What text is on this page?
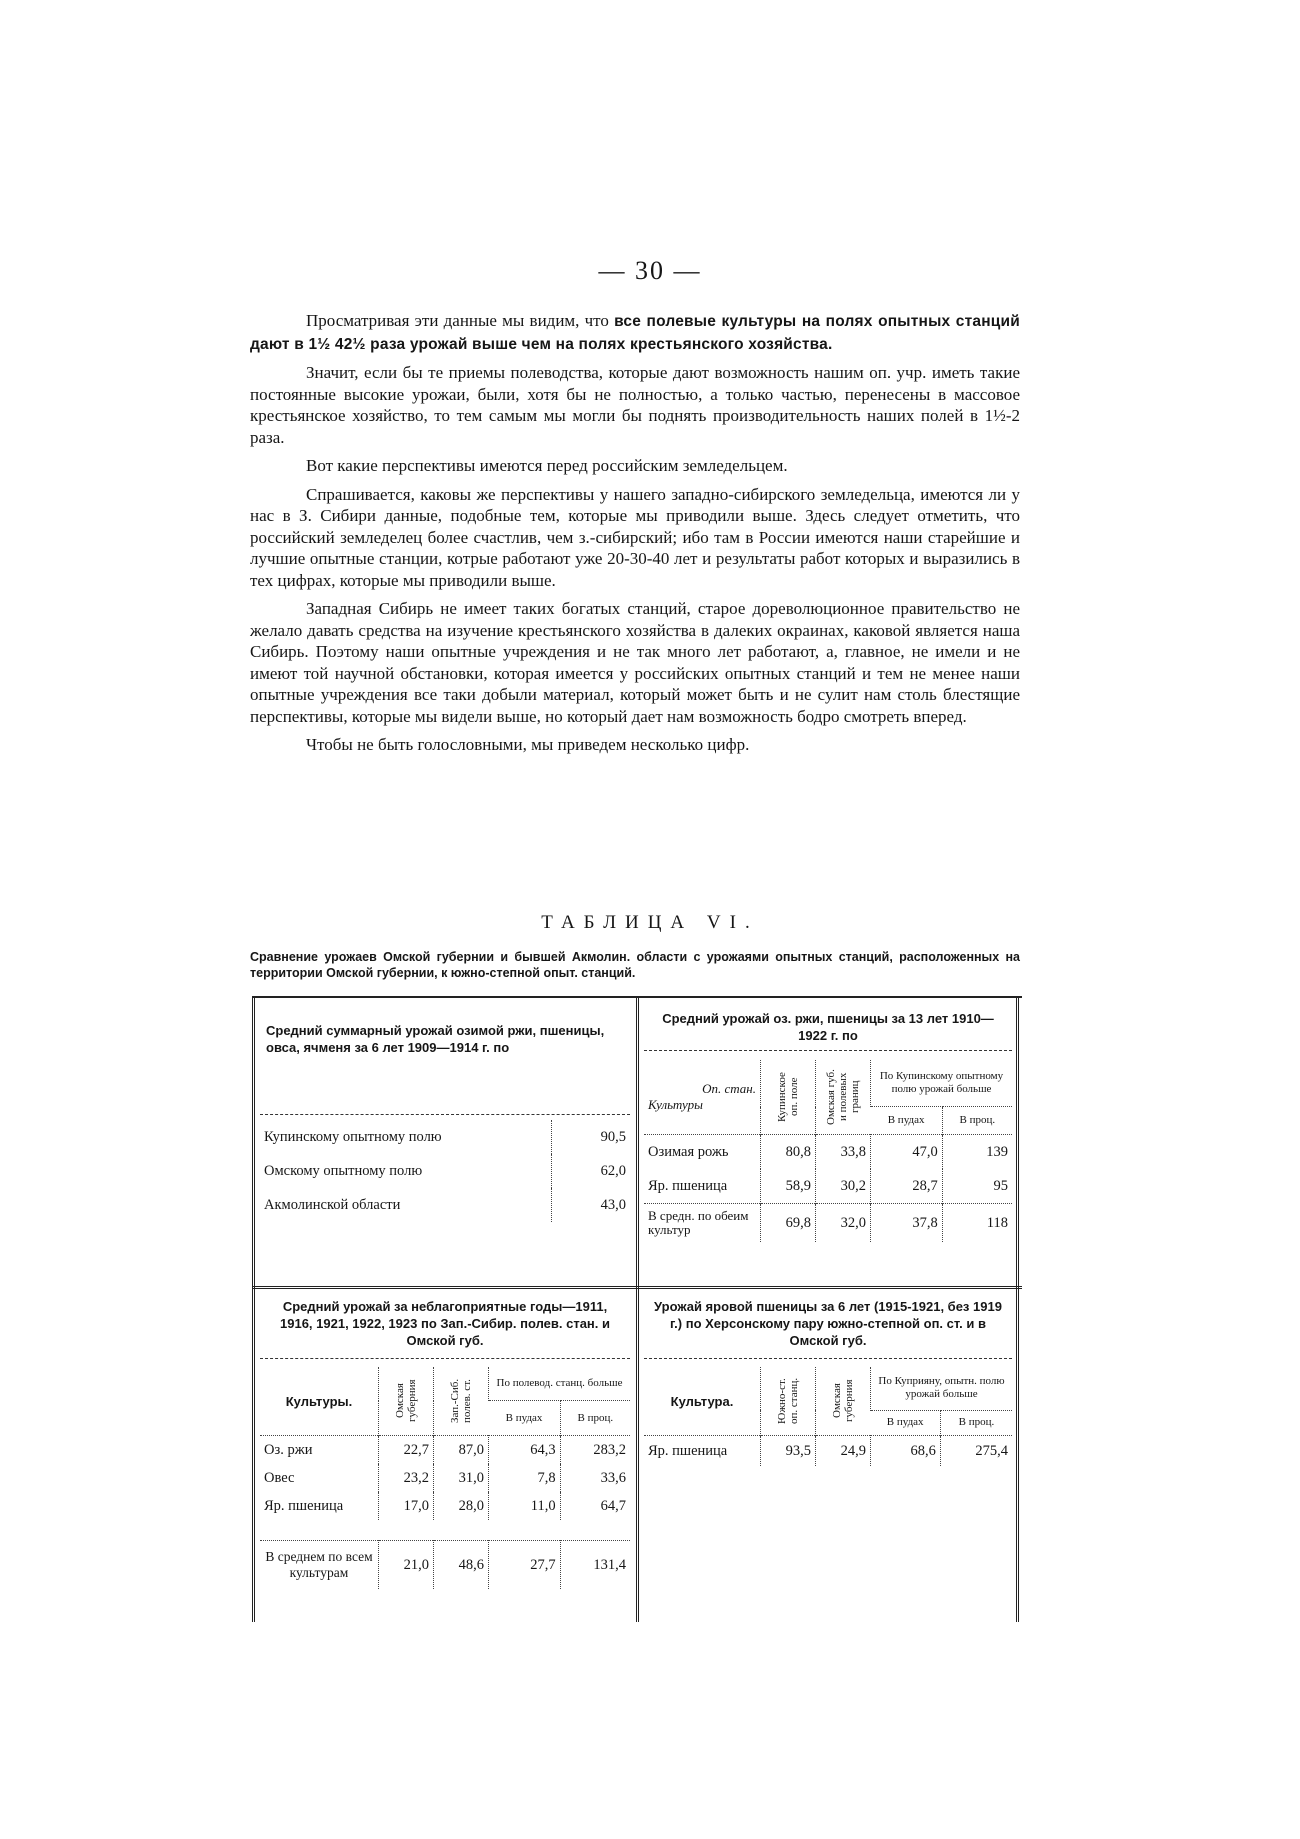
— 30 —

Просматривая эти данные мы видим, что все полевые культуры на полях опытных станций дают в 1½ 42½ раза урожай выше чем на полях крестьянского хозяйства.

Значит, если бы те приемы полеводства, которые дают возможность нашим оп. учр. иметь такие постоянные высокие урожаи, были, хотя бы не полностью, а только частью, перенесены в массовое крестьянское хозяйство, то тем самым мы могли бы поднять производительность наших полей в 1½-2 раза.

Вот какие перспективы имеются перед российским земледельцем.

Спрашивается, каковы же перспективы у нашего западно-сибирского земледельца, имеются ли у нас в З. Сибири данные, подобные тем, которые мы приводили выше. Здесь следует отметить, что российский земледелец более счастлив, чем з.-сибирский; ибо там в России имеются наши старейшие и лучшие опытные станции, котрые работают уже 20-30-40 лет и результаты работ которых и выразились в тех цифрах, которые мы приводили выше.

Западная Сибирь не имеет таких богатых станций, старое дореволюционное правительство не желало давать средства на изучение крестьянского хозяйства в далеких окраинах, каковой является наша Сибирь. Поэтому наши опытные учреждения и не так много лет работают, а, главное, не имели и не имеют той научной обстановки, которая имеется у российских опытных станций и тем не менее наши опытные учреждения все таки добыли материал, который может быть и не сулит нам столь блестящие перспективы, которые мы видели выше, но который дает нам возможность бодро смотреть вперед.

Чтобы не быть голословными, мы приведем несколько цифр.

ТАБЛИЦА VI.
Сравнение урожаев Омской губернии и бывшей Акмолин. области с урожаями опытных станций, расположенных на территории Омской губернии, к южно-степной опыт. станций.
Средний суммарный урожай озимой ржи, пшеницы, овса, ячменя за 6 лет 1909—1914 г. по
Купинскому опытному полю	90,5
Омскому опытному полю	62,0
Акмолинской области	43,0
Средний урожай оз. ржи, пшеницы за 13 лет 1910—1922 г. по
Оп. стан.
Культуры	Купинское оп. поле	Омская губ. и полевых границ	По Купинскому опытному полю урожай больше	
			В пудах	В проц.
Озимая рожь	80,8	33,8	47,0	139
Яр. пшеница	58,9	30,2	28,7	95
В средн. по обеим культур	69,8	32,0	37,8	118
Средний урожай за неблагоприятные годы—1911, 1916, 1921, 1922, 1923 по Зап.-Сибир. полев. стан. и Омской губ.
Культуры.	Омская губерния	Зап.-Сиб. полев. ст.	По полевод. станц. больше	
			В пудах	В проц.
Оз. ржи	22,7	87,0	64,3	283,2
Овес	23,2	31,0	7,8	33,6
Яр. пшеница	17,0	28,0	11,0	64,7

В среднем по всем культурам	21,0	48,6	27,7	131,4
Урожай яровой пшеницы за 6 лет (1915-1921, без 1919 г.) по Херсонскому пару южно-степной оп. ст. и в Омской губ.
Культура.	Южно-ст. оп. станц.	Омская губерния	По Куприяну, опытн. полю урожай больше	
			В пудах	В проц.
Яр. пшеница	93,5	24,9	68,6	275,4
